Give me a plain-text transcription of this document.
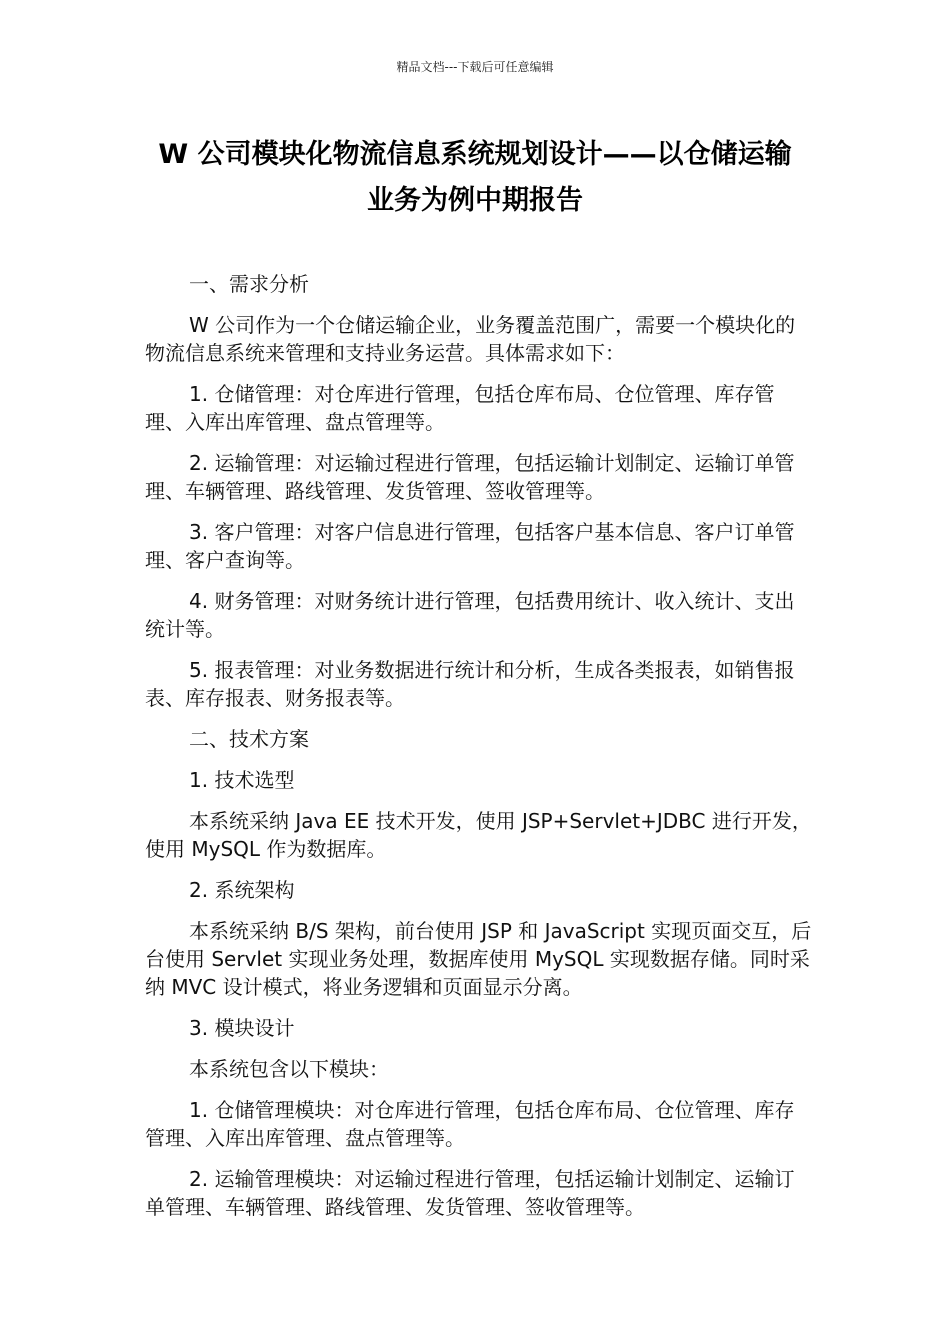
精品文档---下载后可任意编辑
W 公司模块化物流信息系统规划设计——以仓储运输业务为例中期报告

一、需求分析

W 公司作为一个仓储运输企业，业务覆盖范围广，需要一个模块化的物流信息系统来管理和支持业务运营。具体需求如下：

1. 仓储管理：对仓库进行管理，包括仓库布局、仓位管理、库存管理、入库出库管理、盘点管理等。

2. 运输管理：对运输过程进行管理，包括运输计划制定、运输订单管理、车辆管理、路线管理、发货管理、签收管理等。

3. 客户管理：对客户信息进行管理，包括客户基本信息、客户订单管理、客户查询等。

4. 财务管理：对财务统计进行管理，包括费用统计、收入统计、支出统计等。

5. 报表管理：对业务数据进行统计和分析，生成各类报表，如销售报表、库存报表、财务报表等。

二、技术方案

1. 技术选型

本系统采纳 Java EE 技术开发，使用 JSP+Servlet+JDBC 进行开发，使用 MySQL 作为数据库。

2. 系统架构

本系统采纳 B/S 架构，前台使用 JSP 和 JavaScript 实现页面交互，后台使用 Servlet 实现业务处理，数据库使用 MySQL 实现数据存储。同时采纳 MVC 设计模式，将业务逻辑和页面显示分离。

3. 模块设计

本系统包含以下模块：

1. 仓储管理模块：对仓库进行管理，包括仓库布局、仓位管理、库存管理、入库出库管理、盘点管理等。

2. 运输管理模块：对运输过程进行管理，包括运输计划制定、运输订单管理、车辆管理、路线管理、发货管理、签收管理等。
